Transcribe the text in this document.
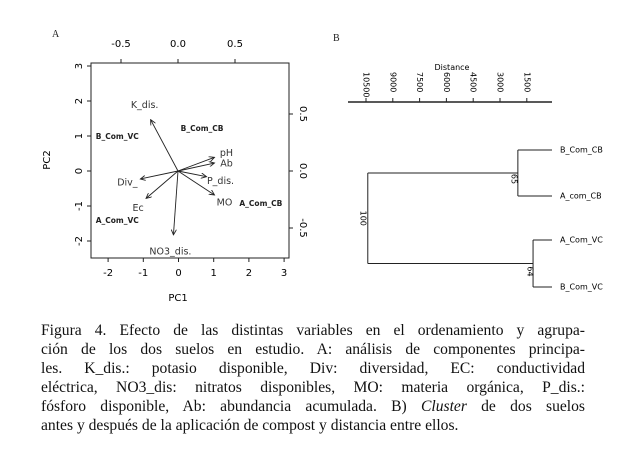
A
-2	-1	0	1	2	3
-2
-1
0
1
2
3
-0.5	0.0	0.5
-0.5
0.0
0.5
PC1
PC2
K_dis.
pH
Ab
P_dis.
MO
Div_
Ec
NO3_dis.
B_Com_VC
B_Com_CB
A_Com_CB
A_Com_VC
B
Distance
10500 9000 7500 6000 4500 3000 1500
B_Com_CB
A_com_CB
A_Com_VC
B_Com_VC
65
64
100
Figura 4. Efecto de las distintas variables en el ordenamiento y agrupa-
ción de los dos suelos en estudio. A: análisis de componentes principa-
les. K_dis.: potasio disponible, Div: diversidad, EC: conductividad
eléctrica, NO3_dis: nitratos disponibles, MO: materia orgánica, P_dis.:
fósforo disponible, Ab: abundancia acumulada. B) Cluster de dos suelos
antes y después de la aplicación de compost y distancia entre ellos.
